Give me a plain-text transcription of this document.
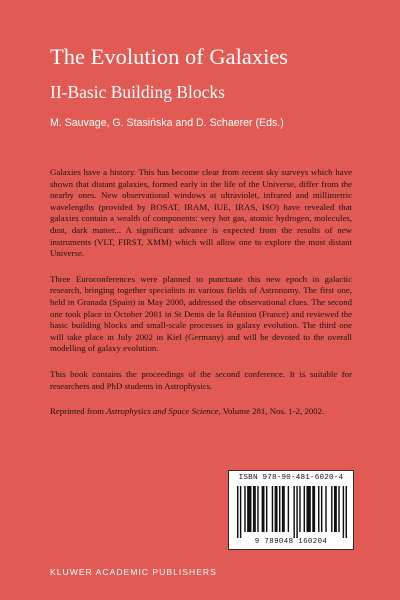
The Evolution of Galaxies
II-Basic Building Blocks
M. Sauvage, G. Stasińska and D. Schaerer (Eds.)

Galaxies have a history. This has become clear from recent sky surveys which have shown that distant galaxies, formed early in the life of the Universe, differ from the nearby ones. New observational windows at ultraviolet, infrared and millimetric wavelengths (provided by ROSAT, IRAM, IUE, IRAS, ISO) have revealed that galaxies contain a wealth of components: very hot gas, atomic hydrogen, molecules, dust, dark matter... A significant advance is expected from the results of new instruments (VLT, FIRST, XMM) which will allow one to explore the most distant Universe.

Three Euroconferences were planned to punctuate this new epoch in galactic research, bringing together specialists in various fields of Astronomy. The first one, held in Granada (Spain) in May 2000, addressed the observational clues. The second one took place in October 2001 in St Denis de la Réunion (France) and reviewed the basic building blocks and small-scale processes in galaxy evolution. The third one will take place in July 2002 in Kiel (Germany) and will be devoted to the overall modelling of galaxy evolution.

This book contains the proceedings of the second conference. It is suitable for researchers and PhD students in Astrophysics.

Reprinted from Astrophysics and Space Science, Volume 281, Nos. 1-2, 2002.

ISBN 978-90-481-6020-4
9 789048 160204
KLUWER ACADEMIC PUBLISHERS
